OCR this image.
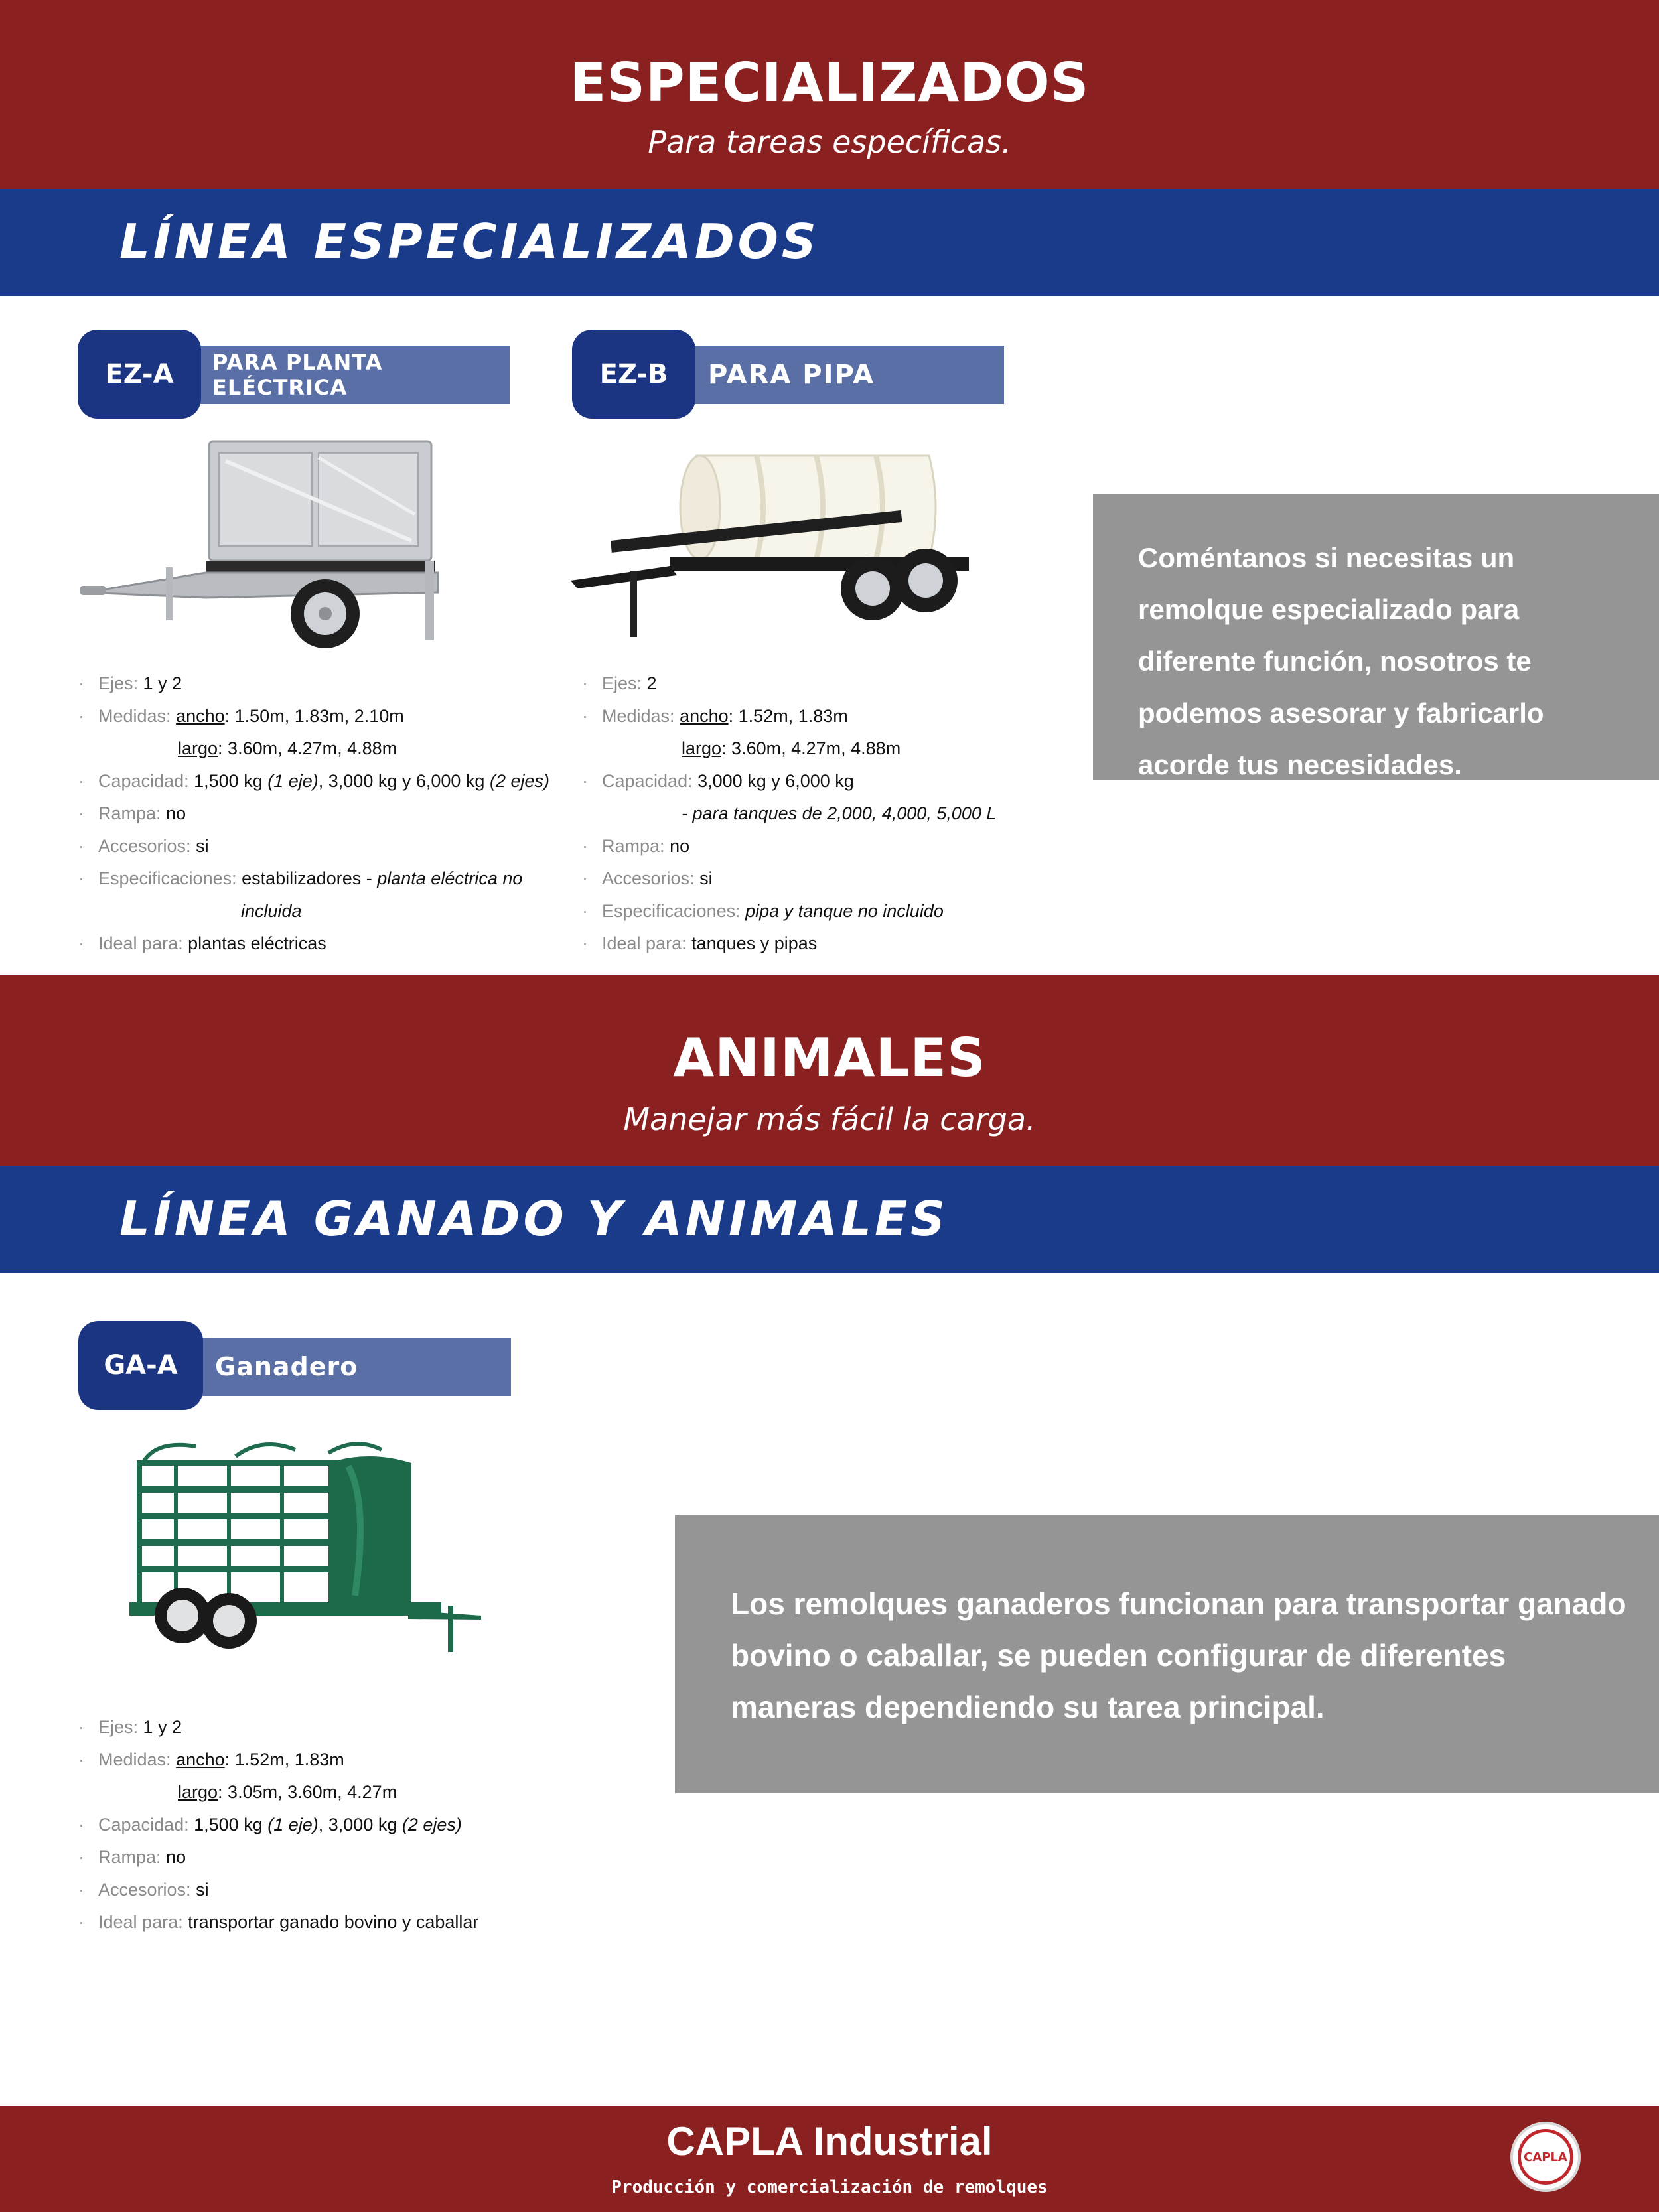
ESPECIALIZADOS
Para tareas específicas.
LÍNEA ESPECIALIZADOS
PARA PLANTA ELÉCTRICA
EZ-A
· Ejes: 1 y 2
· Medidas: ancho: 1.50m, 1.83m, 2.10m
largo: 3.60m, 4.27m, 4.88m
· Capacidad: 1,500 kg (1 eje), 3,000 kg y 6,000 kg (2 ejes)
· Rampa: no
· Accesorios: si
· Especificaciones: estabilizadores - planta eléctrica no
incluida
· Ideal para: plantas eléctricas
PARA PIPA
EZ-B
· Ejes: 2
· Medidas: ancho: 1.52m, 1.83m
largo: 3.60m, 4.27m, 4.88m
· Capacidad: 3,000 kg y 6,000 kg
- para tanques de 2,000, 4,000, 5,000 L
· Rampa: no
· Accesorios: si
· Especificaciones: pipa y tanque no incluido
· Ideal para: tanques y pipas
Coméntanos si necesitas un remolque especializado para diferente función, nosotros te podemos asesorar y fabricarlo acorde tus necesidades.
ANIMALES
Manejar más fácil la carga.
LÍNEA GANADO Y ANIMALES
Ganadero
GA-A
· Ejes: 1 y 2
· Medidas: ancho: 1.52m, 1.83m
largo: 3.05m, 3.60m, 4.27m
· Capacidad: 1,500 kg (1 eje), 3,000 kg (2 ejes)
· Rampa: no
· Accesorios: si
· Ideal para: transportar ganado bovino y caballar
Los remolques ganaderos funcionan para transportar ganado bovino o caballar, se pueden configurar de diferentes maneras dependiendo su tarea principal.
CAPLA Industrial
Producción y comercialización de remolques
CAPLA
